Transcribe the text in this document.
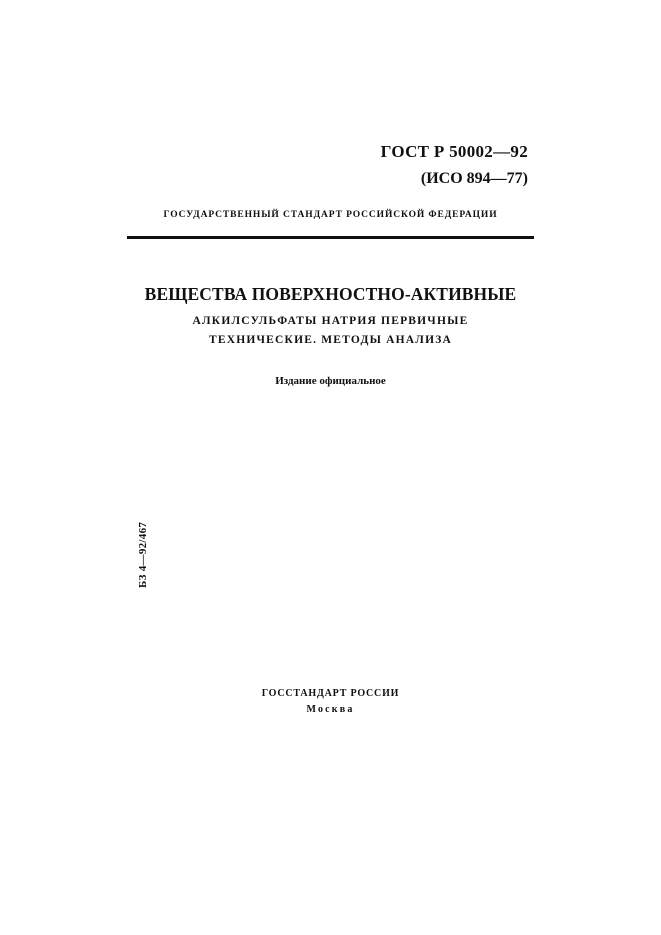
ГОСТ Р 50002—92
(ИСО 894—77)
ГОСУДАРСТВЕННЫЙ СТАНДАРТ РОССИЙСКОЙ ФЕДЕРАЦИИ
ВЕЩЕСТВА ПОВЕРХНОСТНО-АКТИВНЫЕ
АЛКИЛСУЛЬФАТЫ НАТРИЯ ПЕРВИЧНЫЕ
ТЕХНИЧЕСКИЕ. МЕТОДЫ АНАЛИЗА
Издание официальное
БЗ 4—92/467
ГОССТАНДАРТ РОССИИ
Москва
